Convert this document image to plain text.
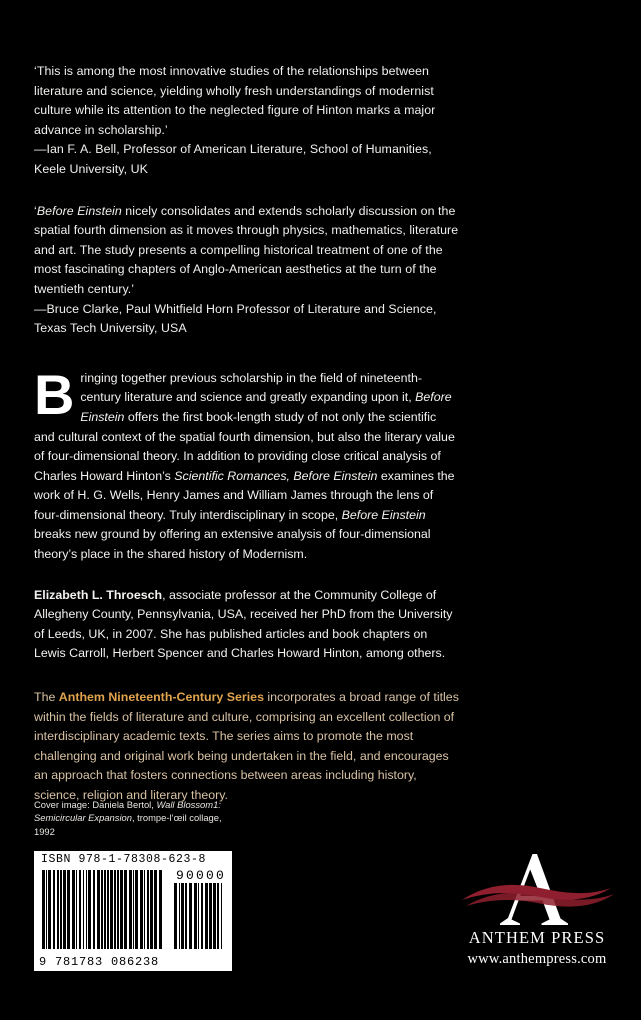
‘This is among the most innovative studies of the relationships between literature and science, yielding wholly fresh understandings of modernist culture while its attention to the neglected figure of Hinton marks a major advance in scholarship.’
—Ian F. A. Bell, Professor of American Literature, School of Humanities, Keele University, UK

‘Before Einstein nicely consolidates and extends scholarly discussion on the spatial fourth dimension as it moves through physics, mathematics, literature and art. The study presents a compelling historical treatment of one of the most fascinating chapters of Anglo-American aesthetics at the turn of the twentieth century.’
—Bruce Clarke, Paul Whitfield Horn Professor of Literature and Science, Texas Tech University, USA

Bringing together previous scholarship in the field of nineteenth-century literature and science and greatly expanding upon it, Before Einstein offers the first book-length study of not only the scientific and cultural context of the spatial fourth dimension, but also the literary value of four-dimensional theory. In addition to providing close critical analysis of Charles Howard Hinton’s Scientific Romances, Before Einstein examines the work of H. G. Wells, Henry James and William James through the lens of four-dimensional theory. Truly interdisciplinary in scope, Before Einstein breaks new ground by offering an extensive analysis of four-dimensional theory’s place in the shared history of Modernism.

Elizabeth L. Throesch, associate professor at the Community College of Allegheny County, Pennsylvania, USA, received her PhD from the University of Leeds, UK, in 2007. She has published articles and book chapters on Lewis Carroll, Herbert Spencer and Charles Howard Hinton, among others.

The Anthem Nineteenth-Century Series incorporates a broad range of titles within the fields of literature and culture, comprising an excellent collection of interdisciplinary academic texts. The series aims to promote the most challenging and original work being undertaken in the field, and encourages an approach that fosters connections between areas including history, science, religion and literary theory.

Cover image: Daniela Bertol, Wall Blossom1: Semicircular Expansion, trompe-l’œil collage, 1992
ISBN 978-1-78308-623-8
90000
9 781783 086238
ANTHEM PRESS
www.anthempress.com
